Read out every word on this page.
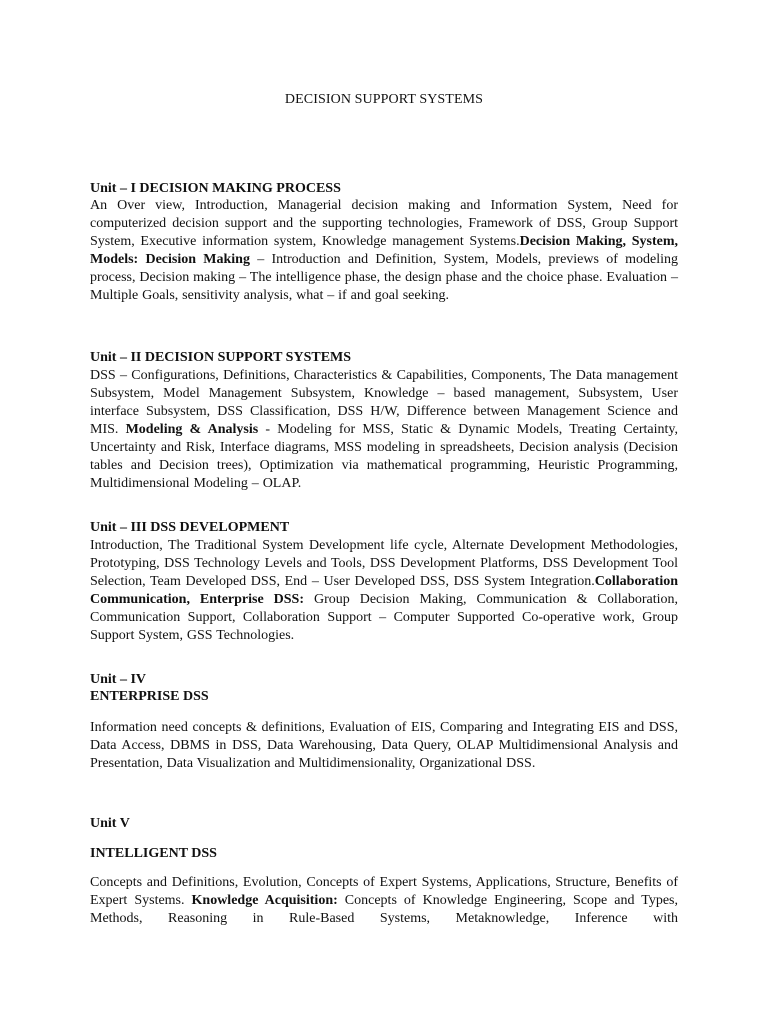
DECISION SUPPORT SYSTEMS
Unit – I DECISION MAKING PROCESS
An Over view, Introduction, Managerial decision making and Information System, Need for computerized decision support and the supporting technologies, Framework of DSS, Group Support System, Executive information system, Knowledge management Systems.Decision Making, System, Models: Decision Making – Introduction and Definition, System, Models, previews of modeling process, Decision making – The intelligence phase, the design phase and the choice phase. Evaluation – Multiple Goals, sensitivity analysis, what – if and goal seeking.
Unit – II DECISION SUPPORT SYSTEMS
DSS – Configurations, Definitions, Characteristics & Capabilities, Components, The Data management Subsystem, Model Management Subsystem, Knowledge – based management, Subsystem, User interface Subsystem, DSS Classification, DSS H/W, Difference between Management Science and MIS. Modeling & Analysis - Modeling for MSS, Static & Dynamic Models, Treating Certainty, Uncertainty and Risk, Interface diagrams, MSS modeling in spreadsheets, Decision analysis (Decision tables and Decision trees), Optimization via mathematical programming, Heuristic Programming, Multidimensional Modeling – OLAP.
Unit – III DSS DEVELOPMENT
Introduction, The Traditional System Development life cycle, Alternate Development Methodologies, Prototyping, DSS Technology Levels and Tools, DSS Development Platforms, DSS Development Tool Selection, Team Developed DSS, End – User Developed DSS, DSS System Integration.Collaboration Communication, Enterprise DSS: Group Decision Making, Communication & Collaboration, Communication Support, Collaboration Support – Computer Supported Co-operative work, Group Support System, GSS Technologies.
Unit – IV
ENTERPRISE DSS
Information need concepts & definitions, Evaluation of EIS, Comparing and Integrating EIS and DSS, Data Access, DBMS in DSS, Data Warehousing, Data Query, OLAP Multidimensional Analysis and Presentation, Data Visualization and Multidimensionality, Organizational DSS.
Unit V
INTELLIGENT DSS
Concepts and Definitions, Evolution, Concepts of Expert Systems, Applications, Structure, Benefits of Expert Systems. Knowledge Acquisition: Concepts of Knowledge Engineering, Scope and Types, Methods, Reasoning in Rule-Based Systems, Metaknowledge, Inference with
